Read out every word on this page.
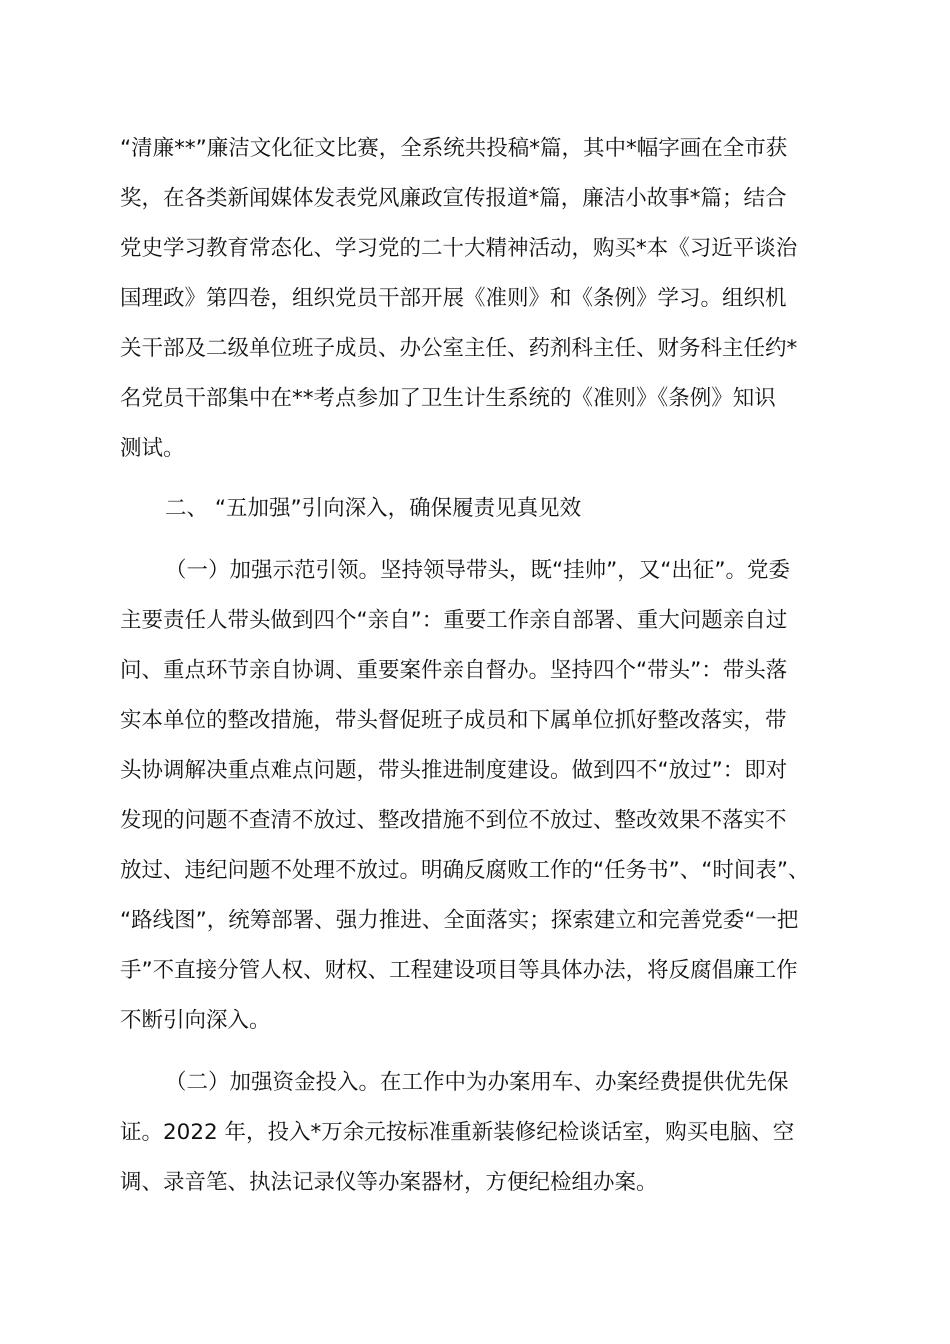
“清廉**”廉洁文化征文比赛，全系统共投稿*篇，其中*幅字画在全市获
奖，在各类新闻媒体发表党风廉政宣传报道*篇，廉洁小故事*篇；结合
党史学习教育常态化、学习党的二十大精神活动，购买*本《习近平谈治
国理政》第四卷，组织党员干部开展《准则》和《条例》学习。组织机
关干部及二级单位班子成员、办公室主任、药剂科主任、财务科主任约*
名党员干部集中在**考点参加了卫生计生系统的《准则》《条例》知识
测试。
二、 “五加强”引向深入，确保履责见真见效
（一）加强示范引领。坚持领导带头，既“挂帅”，又“出征”。党委
主要责任人带头做到四个“亲自”：重要工作亲自部署、重大问题亲自过
问、重点环节亲自协调、重要案件亲自督办。坚持四个“带头”：带头落
实本单位的整改措施，带头督促班子成员和下属单位抓好整改落实，带
头协调解决重点难点问题，带头推进制度建设。做到四不“放过”：即对
发现的问题不查清不放过、整改措施不到位不放过、整改效果不落实不
放过、违纪问题不处理不放过。明确反腐败工作的“任务书”、“时间表”、
“路线图”，统筹部署、强力推进、全面落实；探索建立和完善党委“一把
手”不直接分管人权、财权、工程建设项目等具体办法，将反腐倡廉工作
不断引向深入。
（二）加强资金投入。在工作中为办案用车、办案经费提供优先保
证。2022 年，投入*万余元按标准重新装修纪检谈话室，购买电脑、空
调、录音笔、执法记录仪等办案器材，方便纪检组办案。
